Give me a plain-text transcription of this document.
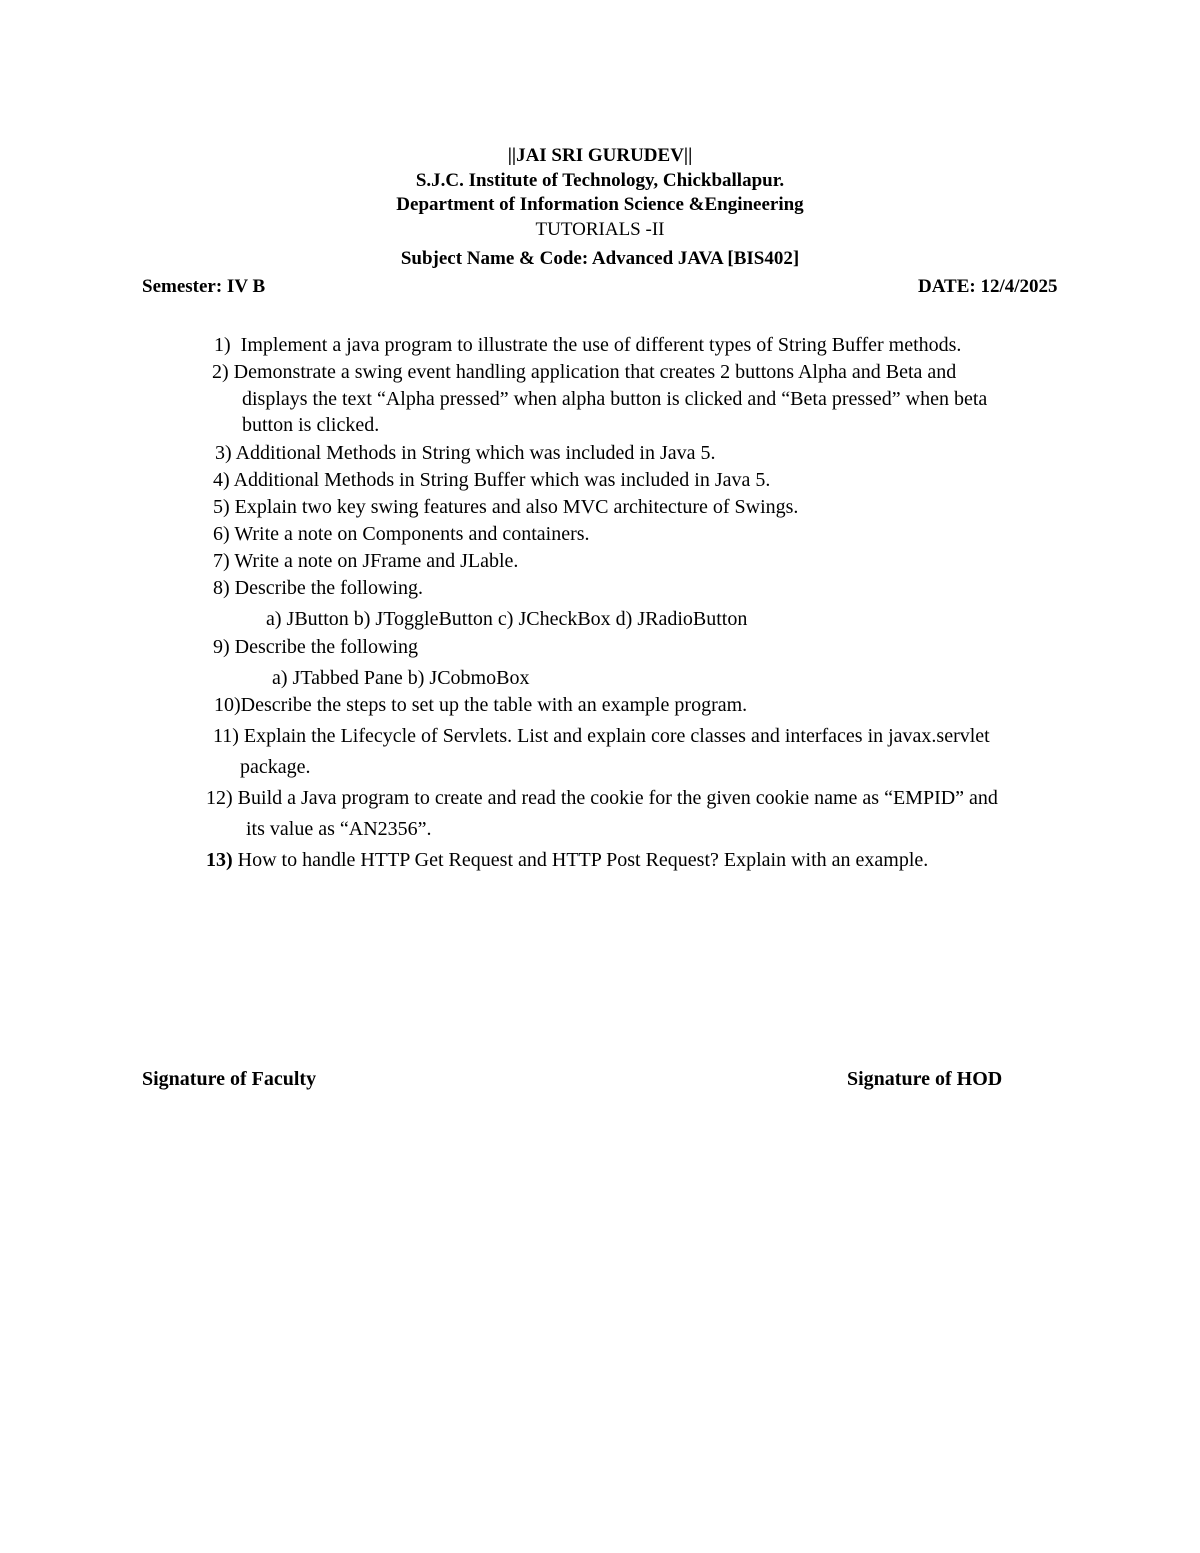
||JAI SRI GURUDEV||
S.J.C. Institute of Technology, Chickballapur.
Department of Information Science &Engineering
TUTORIALS -II
Subject Name & Code: Advanced JAVA [BIS402]
Semester: IV B	DATE: 12/4/2025
1) Implement a java program to illustrate the use of different types of String Buffer methods.
2) Demonstrate a swing event handling application that creates 2 buttons Alpha and Beta and
displays the text “Alpha pressed” when alpha button is clicked and “Beta pressed” when beta
button is clicked.
3) Additional Methods in String which was included in Java 5.
4) Additional Methods in String Buffer which was included in Java 5.
5) Explain two key swing features and also MVC architecture of Swings.
6) Write a note on Components and containers.
7) Write a note on JFrame and JLable.
8) Describe the following.
a) JButton b) JToggleButton c) JCheckBox d) JRadioButton
9) Describe the following
a) JTabbed Pane b) JCobmoBox
10)Describe the steps to set up the table with an example program.
11) Explain the Lifecycle of Servlets. List and explain core classes and interfaces in javax.servlet
package.
12) Build a Java program to create and read the cookie for the given cookie name as “EMPID” and
its value as “AN2356”.
13) How to handle HTTP Get Request and HTTP Post Request? Explain with an example.
Signature of Faculty	Signature of HOD
